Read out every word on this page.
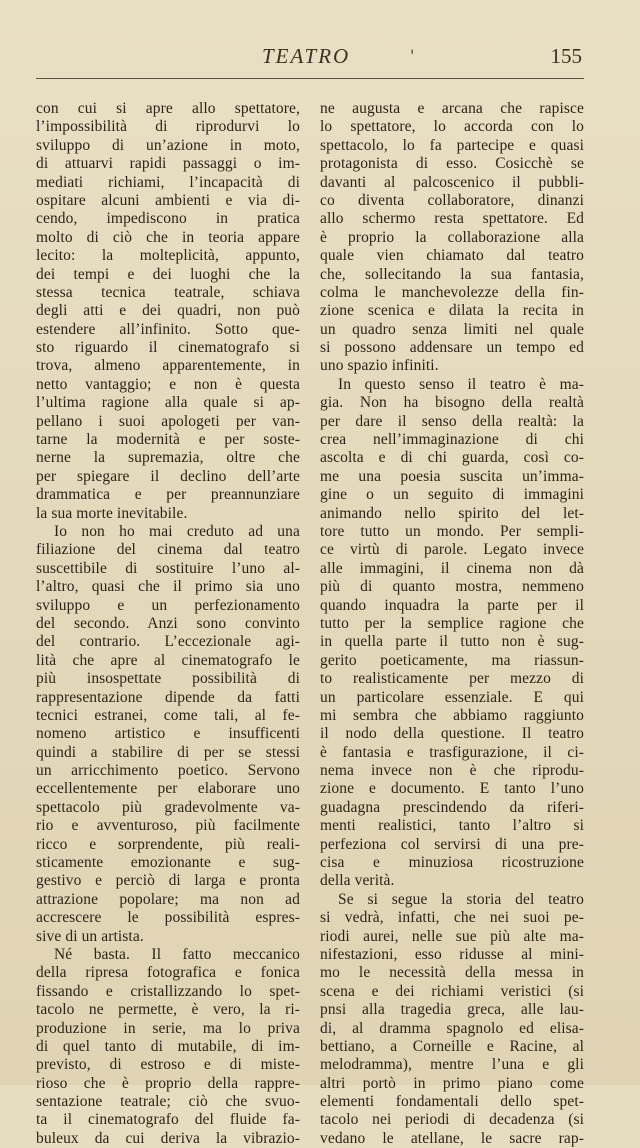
TEATRO	'	155
con cui si apre allo spettatore,
l’impossibilità di riprodurvi lo
sviluppo di un’azione in moto,
di attuarvi rapidi passaggi o im-
mediati richiami, l’incapacità di
ospitare alcuni ambienti e via di-
cendo, impediscono in pratica
molto di ciò che in teoria appare
lecito: la molteplicità, appunto,
dei tempi e dei luoghi che la
stessa tecnica teatrale, schiava
degli atti e dei quadri, non può
estendere all’infinito. Sotto que-
sto riguardo il cinematografo si
trova, almeno apparentemente, in
netto vantaggio; e non è questa
l’ultima ragione alla quale si ap-
pellano i suoi apologeti per van-
tarne la modernità e per soste-
nerne la supremazia, oltre che
per spiegare il declino dell’arte
drammatica e per preannunziare
la sua morte inevitabile.
Io non ho mai creduto ad una
filiazione del cinema dal teatro
suscettibile di sostituire l’uno al-
l’altro, quasi che il primo sia uno
sviluppo e un perfezionamento
del secondo. Anzi sono convinto
del contrario. L’eccezionale agi-
lità che apre al cinematografo le
più insospettate possibilità di
rappresentazione dipende da fatti
tecnici estranei, come tali, al fe-
nomeno artistico e insufficenti
quindi a stabilire di per se stessi
un arricchimento poetico. Servono
eccellentemente per elaborare uno
spettacolo più gradevolmente va-
rio e avventuroso, più facilmente
ricco e sorprendente, più reali-
sticamente emozionante e sug-
gestivo e perciò di larga e pronta
attrazione popolare; ma non ad
accrescere le possibilità espres-
sive di un artista.
Né basta. Il fatto meccanico
della ripresa fotografica e fonica
fissando e cristallizzando lo spet-
tacolo ne permette, è vero, la ri-
produzione in serie, ma lo priva
di quel tanto di mutabile, di im-
previsto, di estroso e di miste-
rioso che è proprio della rappre-
sentazione teatrale; ciò che svuo-
ta il cinematografo del fluide fa-
buleux da cui deriva la vibrazio-
ne augusta e arcana che rapisce
lo spettatore, lo accorda con lo
spettacolo, lo fa partecipe e quasi
protagonista di esso. Cosicchè se
davanti al palcoscenico il pubbli-
co diventa collaboratore, dinanzi
allo schermo resta spettatore. Ed
è proprio la collaborazione alla
quale vien chiamato dal teatro
che, sollecitando la sua fantasia,
colma le manchevolezze della fin-
zione scenica e dilata la recita in
un quadro senza limiti nel quale
si possono addensare un tempo ed
uno spazio infiniti.
In questo senso il teatro è ma-
gia. Non ha bisogno della realtà
per dare il senso della realtà: la
crea nell’immaginazione di chi
ascolta e di chi guarda, così co-
me una poesia suscita un’imma-
gine o un seguito di immagini
animando nello spirito del let-
tore tutto un mondo. Per sempli-
ce virtù di parole. Legato invece
alle immagini, il cinema non dà
più di quanto mostra, nemmeno
quando inquadra la parte per il
tutto per la semplice ragione che
in quella parte il tutto non è sug-
gerito poeticamente, ma riassun-
to realisticamente per mezzo di
un particolare essenziale. E qui
mi sembra che abbiamo raggiunto
il nodo della questione. Il teatro
è fantasia e trasfigurazione, il ci-
nema invece non è che riprodu-
zione e documento. E tanto l’uno
guadagna prescindendo da riferi-
menti realistici, tanto l’altro si
perfeziona col servirsi di una pre-
cisa e minuziosa ricostruzione
della verità.
Se si segue la storia del teatro
si vedrà, infatti, che nei suoi pe-
riodi aurei, nelle sue più alte ma-
nifestazioni, esso ridusse al mini-
mo le necessità della messa in
scena e dei richiami veristici (si
pnsi alla tragedia greca, alle lau-
di, al dramma spagnolo ed elisa-
bettiano, a Corneille e Racine, al
melodramma), mentre l’una e gli
altri portò in primo piano come
elementi fondamentali dello spet-
tacolo nei periodi di decadenza (si
vedano le atellane, le sacre rap-
